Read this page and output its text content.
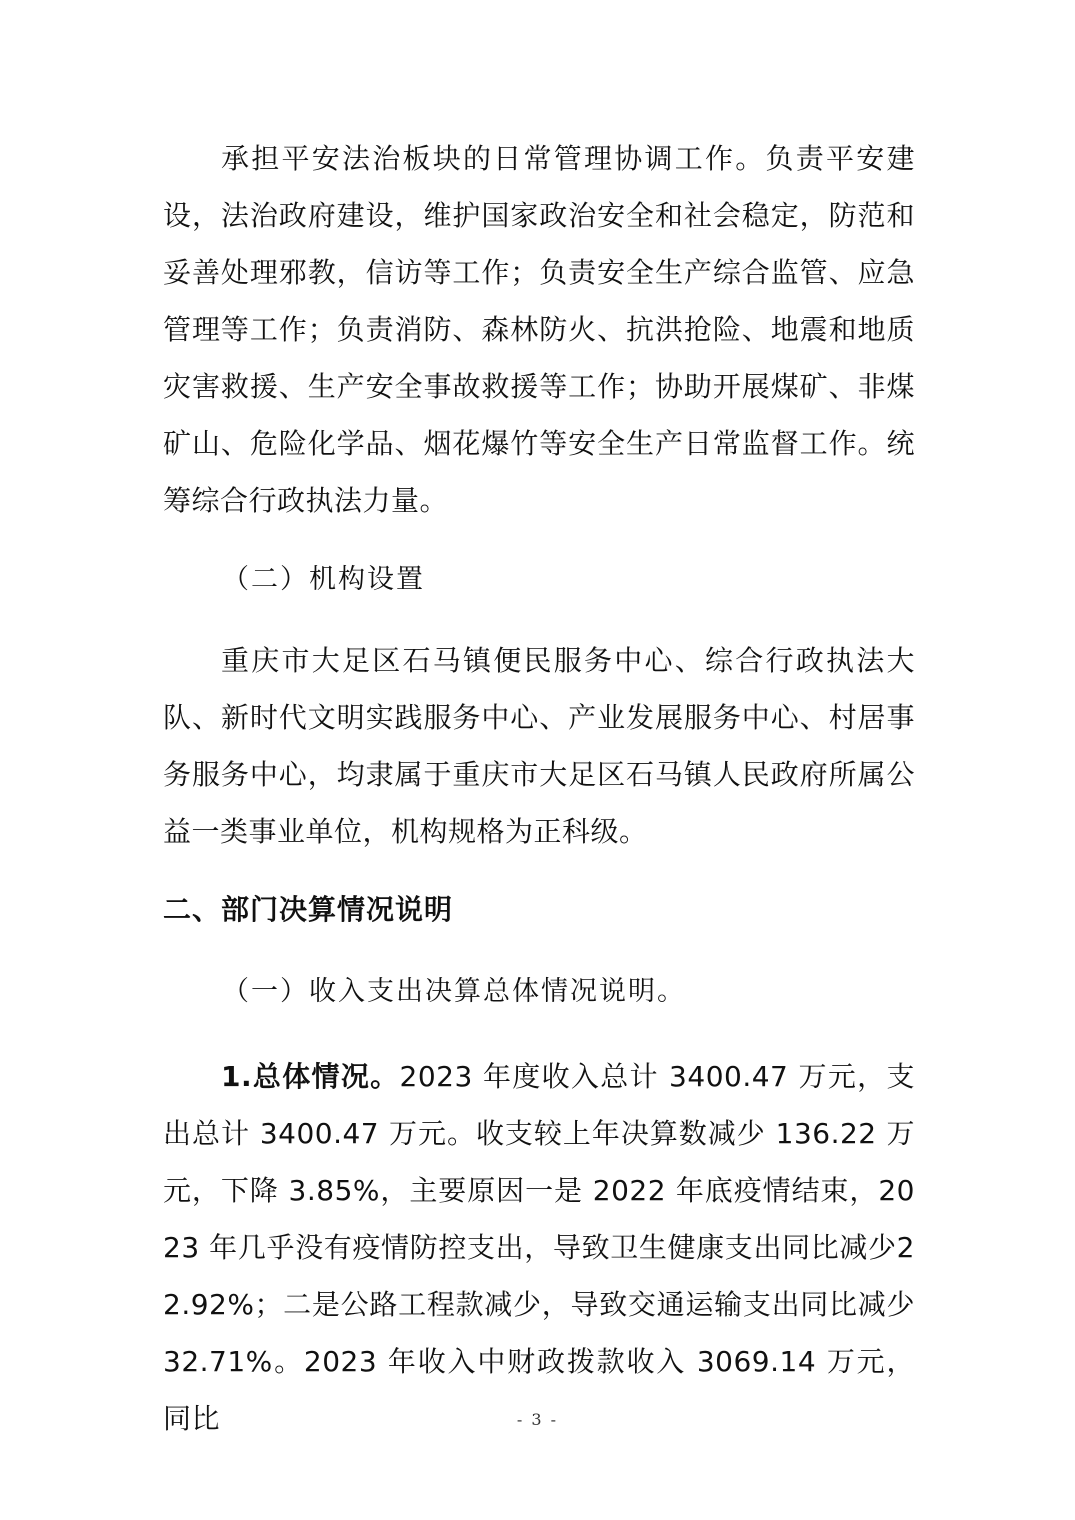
承担平安法治板块的日常管理协调工作。负责平安建设，法治政府建设，维护国家政治安全和社会稳定，防范和妥善处理邪教，信访等工作；负责安全生产综合监管、应急管理等工作；负责消防、森林防火、抗洪抢险、地震和地质灾害救援、生产安全事故救援等工作；协助开展煤矿、非煤矿山、危险化学品、烟花爆竹等安全生产日常监督工作。统筹综合行政执法力量。

（二）机构设置

重庆市大足区石马镇便民服务中心、综合行政执法大队、新时代文明实践服务中心、产业发展服务中心、村居事务服务中心，均隶属于重庆市大足区石马镇人民政府所属公益一类事业单位，机构规格为正科级。

二、部门决算情况说明

（一）收入支出决算总体情况说明。

1.总体情况。2023 年度收入总计 3400.47 万元，支出总计 3400.47 万元。收支较上年决算数减少 136.22 万元，下降 3.85%，主要原因一是 2022 年底疫情结束，2023 年几乎没有疫情防控支出，导致卫生健康支出同比减少22.92%；二是公路工程款减少，导致交通运输支出同比减少32.71%。2023 年收入中财政拨款收入 3069.14 万元，同比	- 3 -
